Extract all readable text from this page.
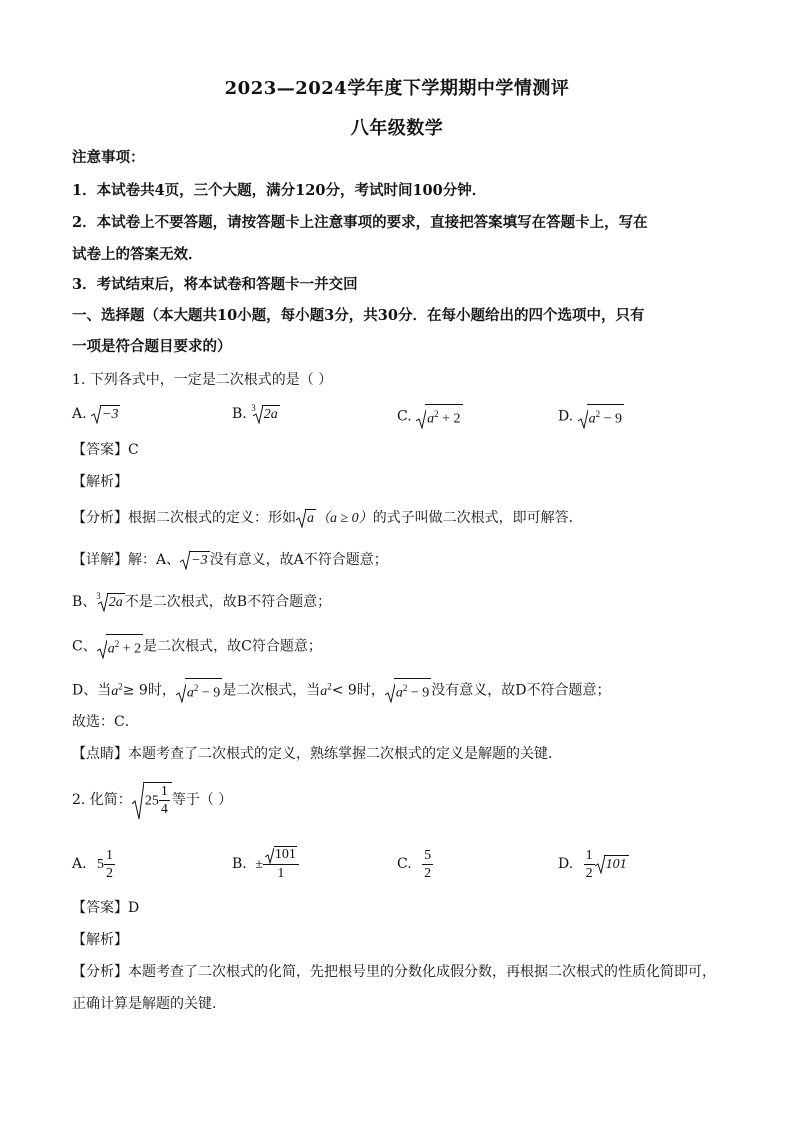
2023—2024学年度下学期期中学情测评
八年级数学
注意事项：
1．本试卷共4页，三个大题，满分120分，考试时间100分钟．
2．本试卷上不要答题，请按答题卡上注意事项的要求，直接把答案填写在答题卡上，写在
试卷上的答案无效．
3．考试结束后，将本试卷和答题卡一并交回
一、选择题（本大题共10小题，每小题3分，共30分．在每小题给出的四个选项中，只有
一项是符合题目要求的）
1. 下列各式中，一定是二次根式的是（ ）
A. −3	B. $^3$ 2a	C. $a^2 + 2$	D. $a^2 - 9$
【答案】C
【解析】
【分析】根据二次根式的定义：形如 a （a ≥ 0）的式子叫做二次根式，即可解答．
【详解】解：A、 −3 没有意义，故A不符合题意；
B、$^3$ 2a 不是二次根式，故B不符合题意；
C、 $a^2 + 2$ 是二次根式，故C符合题意；
D、当$a^2\ge 9$时， $a^2 - 9$ 是二次根式，当$a^2< 9$时， $a^2 - 9$ 没有意义，故D不符合题意；
故选：C．
【点睛】本题考查了二次根式的定义，熟练掌握二次根式的定义是解题的关键．
2. 化简： $25 \frac{1}{4}$ 等于（ ）
A. $5 \frac{1}{2}$	B. ± $\frac{101}{1}$	C. $\frac{5}{2}$	D. $\frac{1}{2} 101$
【答案】D
【解析】
【分析】本题考查了二次根式的化简，先把根号里的分数化成假分数，再根据二次根式的性质化简即可，
正确计算是解题的关键．
